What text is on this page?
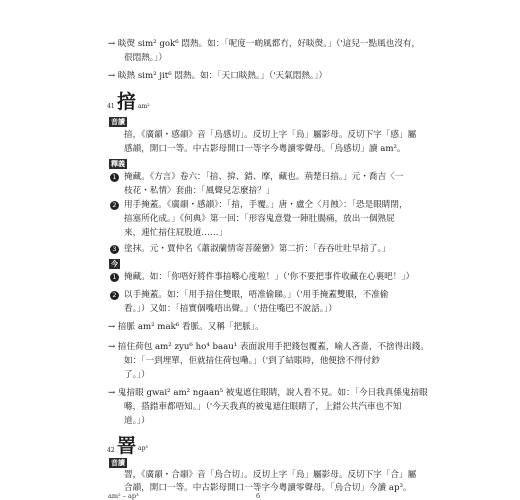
→ 睒㷫 sim² gok⁶ 悶熱。如：「呢度一啲風都冇，好睒㷫。」（'這兒一點風也沒有，
很悶熱。」）
→ 睒熱 sim² jit⁶ 悶熱。如：「天口睒熱。」（'天氣悶熱。」）
41 揞 am²
音讀
揞，《廣韻・感韻》音「烏感切」。反切上字「烏」屬影母。反切下字「感」屬
感韻，開口一等。中古影母開口一等字今粵讀零聲母。「烏感切」讀 am²。
釋義
1 掩藏。《方言》卷六：「揞、揜、錯、摩，藏也。荊楚曰揞。」元・喬吉〈一
枝花・私情〉套曲：「風聲兒怎麼揞？」
2 用手掩蓋。《廣韻・感韻》：「揞，手覆。」唐・盧仝〈月蝕〉：「恐是眼睛閉，
揞塞所化成。」《何典》第一回：「形容鬼意覺一陣肚腸痛，放出一個熟屁
來，連忙揞住屁股道……」
3 塗抹。元・賈仲名《蕭淑蘭情寄菩薩蠻》第二折：「吞吞吐吐早揞了。」
今
1 掩藏。如：「你唔好將件事揞喺心度啦！」（'你不要把事件收藏在心裏吧！」）
2 以手掩蓋。如：「用手揞住雙眼，唔准偷睇。」（'用手掩蓋雙眼，不准偷
看。」）又如：「揞實個嘴唔出聲。」（'捂住嘴巴不說話。」）
→ 揞脈 am² mak⁶ 看脈。又稱「把脈」。
→ 揞住荷包 am² zyu⁶ ho⁴ baau¹ 表面說用手把錢包覆蓋，喻人吝嗇，不捨得出錢。
如：「一到埋單，佢就揞住荷包嘞。」（'到了結賬時，他便捨不得付鈔
了。」）
→ 鬼揞眼 gwai² am² ngaan⁵ 被鬼遮住眼睛，說人看不見。如：「今日我真係鬼揞眼
喺，搭錯車都唔知。」（'今天我真的被鬼遮住眼睛了，上錯公共汽車也不知
道。」）
42 罯 ap³
音讀
罯，《廣韻・合韻》音「烏合切」。反切上字「烏」屬影母。反切下字「合」屬
合韻，開口一等。中古影母開口一等字今粵讀零聲母。「烏合切」今讀 ap³。
am² – ap³	6
